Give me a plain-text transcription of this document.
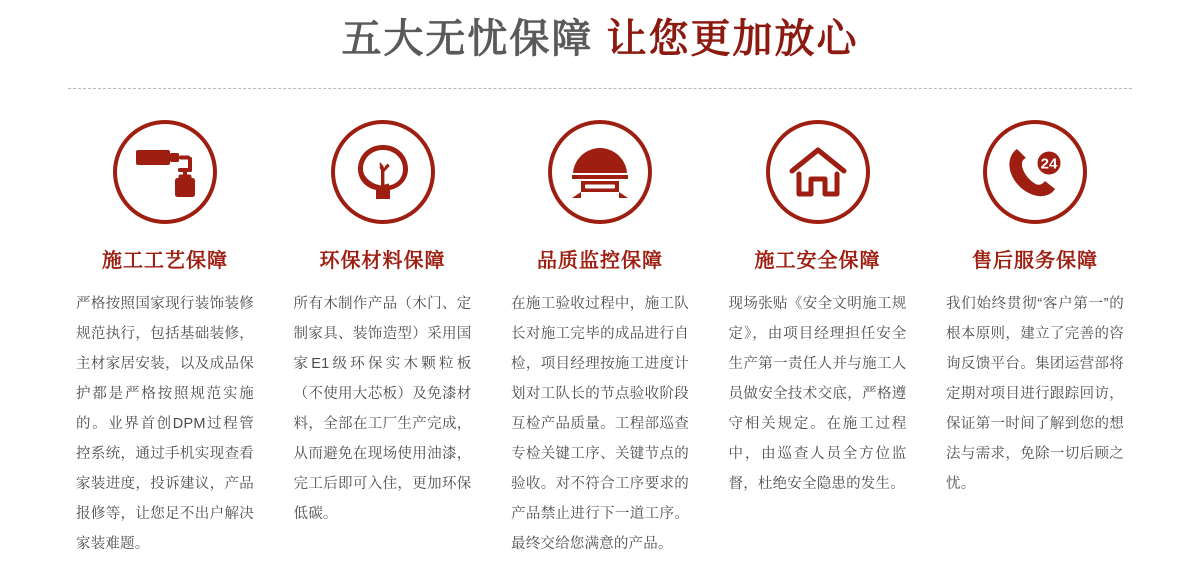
五大无忧保障 让您更加放心
施工工艺保障
严格按照国家现行装饰装修规范执行，包括基础装修，主材家居安装，以及成品保护都是严格按照规范实施的。业界首创DPM过程管控系统，通过手机实现查看家装进度，投诉建议，产品报修等，让您足不出户解决家装难题。
环保材料保障
所有木制作产品（木门、定制家具、装饰造型）采用国家E1级环保实木颗粒板（不使用大芯板）及免漆材料，全部在工厂生产完成，从而避免在现场使用油漆，完工后即可入住，更加环保低碳。
品质监控保障
在施工验收过程中，施工队长对施工完毕的成品进行自检，项目经理按施工进度计划对工队长的节点验收阶段互检产品质量。工程部巡查专检关键工序、关键节点的验收。对不符合工序要求的产品禁止进行下一道工序。最终交给您满意的产品。
施工安全保障
现场张贴《安全文明施工规定》，由项目经理担任安全生产第一责任人并与施工人员做安全技术交底，严格遵守相关规定。在施工过程中，由巡查人员全方位监督，杜绝安全隐患的发生。
24
售后服务保障
我们始终贯彻“客户第一”的根本原则，建立了完善的咨询反馈平台。集团运营部将定期对项目进行跟踪回访，保证第一时间了解到您的想法与需求，免除一切后顾之忧。
